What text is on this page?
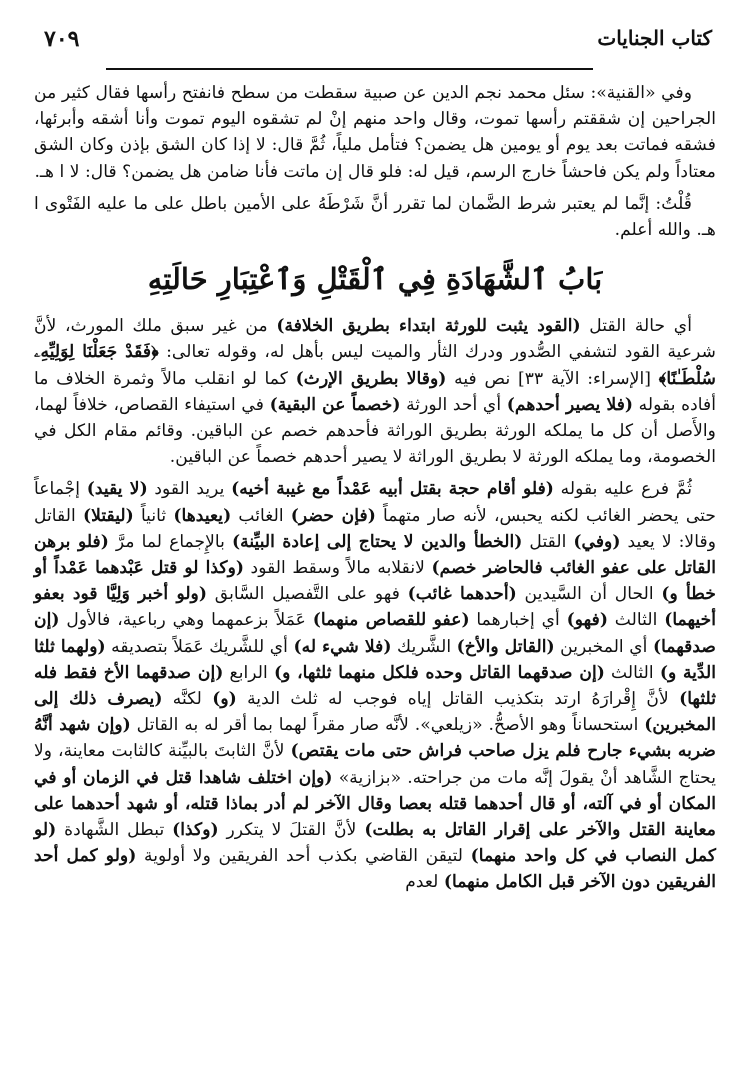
٧٠٩	كتاب الجنايات

وفي «القنية»: سئل محمد نجم الدين عن صبية سقطت من سطح فانفتح رأسها فقال كثير من الجراحين إن شققتم رأسها تموت، وقال واحد منهم إنْ لم تشقوه اليوم تموت وأنا أشقه وأبرئها، فشقه فماتت بعد يوم أو يومين هل يضمن؟ فتأمل ملياً، ثُمَّ قال: لا إذا كان الشق بإذن وكان الشق معتاداً ولم يكن فاحشاً خارج الرسم، قيل له: فلو قال إن ماتت فأنا ضامن هل يضمن؟ قال: لا ا هـ.

قُلْتُ: إنَّما لم يعتبر شرط الضَّمان لما تقرر أنَّ شَرْطَهُ على الأمين باطل على ما عليه الفَتْوى ا هـ. والله أعلم.

بَابُ ٱلشَّهَادَةِ فِي ٱلْقَتْلِ وَٱعْتِبَارِ حَالَتِهِ

أي حالة القتل (القود يثبت للورثة ابتداء بطريق الخلافة) من غير سبق ملك المورث، لأنَّ شرعية القود لتشفي الصُّدور ودرك الثأر والميت ليس بأهل له، وقوله تعالى: ﴿فَقَدْ جَعَلْنَا لِوَلِيِّهِۦ سُلْطَـٰنًا﴾ [الإسراء: الآية ٣٣] نص فيه (وقالا بطريق الإرث) كما لو انقلب مالاً وثمرة الخلاف ما أفاده بقوله (فلا يصير أحدهم) أي أحد الورثة (خصماً عن البقية) في استيفاء القصاص، خلافاً لهما، والأَصل أن كل ما يملكه الورثة بطريق الوراثة فأحدهم خصم عن الباقين. وقائم مقام الكل في الخصومة، وما يملكه الورثة لا بطريق الوراثة لا يصير أحدهم خصماً عن الباقين.

ثُمَّ فرع عليه بقوله (فلو أقام حجة بقتل أبيه عَمْداً مع غيبة أخيه) يريد القود (لا يقيد) إجْماعاً حتى يحضر الغائب لكنه يحبس، لأنه صار متهماً (فإن حضر) الغائب (يعيدها) ثانياً (ليقتلا) القاتل وقالا: لا يعيد (وفي) القتل (الخطأ والدين لا يحتاج إلى إعادة البيِّنة) بالإِجماع لما مرَّ (فلو برهن القاتل على عفو الغائب فالحاضر خصم) لانقلابه مالاً وسقط القود (وكذا لو قتل عَبْدهما عَمْداً أو خطأ و) الحال أن السَّيدين (أحدهما غائب) فهو على التَّفصيل السَّابق (ولو أخبر وَلِيَّا قود بعفو أخيهما) الثالث (فهو) أي إخبارهما (عفو للقصاص منهما) عَمَلاً بزعمهما وهي رباعية، فالأول (إن صدقهما) أي المخبرين (القاتل والأخ) الشَّريك (فلا شيء له) أي للشَّريك عَمَلاً بتصديقه (ولهما ثلثا الدِّية و) الثالث (إن صدقهما القاتل وحده فلكل منهما ثلثها، و) الرابع (إن صدقهما الأخ فقط فله ثلثها) لأنَّ إِقْرارَهُ ارتد بتكذيب القاتل إياه فوجب له ثلث الدية (و) لكنَّه (يصرف ذلك إلى المخبرين) استحساناً وهو الأصحُّ. «زيلعي». لأنَّه صار مقراً لهما بما أقر له به القاتل (وإن شهد أنَّهُ ضربه بشيء جارح فلم يزل صاحب فراش حتى مات يقتص) لأنَّ الثابتَ بالبيِّنة كالثابت معاينة، ولا يحتاج الشَّاهد أنْ يقولَ إنَّه مات من جراحته. «بزازية» (وإن اختلف شاهدا قتل في الزمان أو في المكان أو في آلته، أو قال أحدهما قتله بعصا وقال الآخر لم أدر بماذا قتله، أو شهد أحدهما على معاينة القتل والآخر على إقرار القاتل به بطلت) لأنَّ القتلَ لا يتكرر (وكذا) تبطل الشَّهادة (لو كمل النصاب في كل واحد منهما) لتيقن القاضي بكذب أحد الفريقين ولا أولوية (ولو كمل أحد الفريقين دون الآخر قبل الكامل منهما) لعدم
